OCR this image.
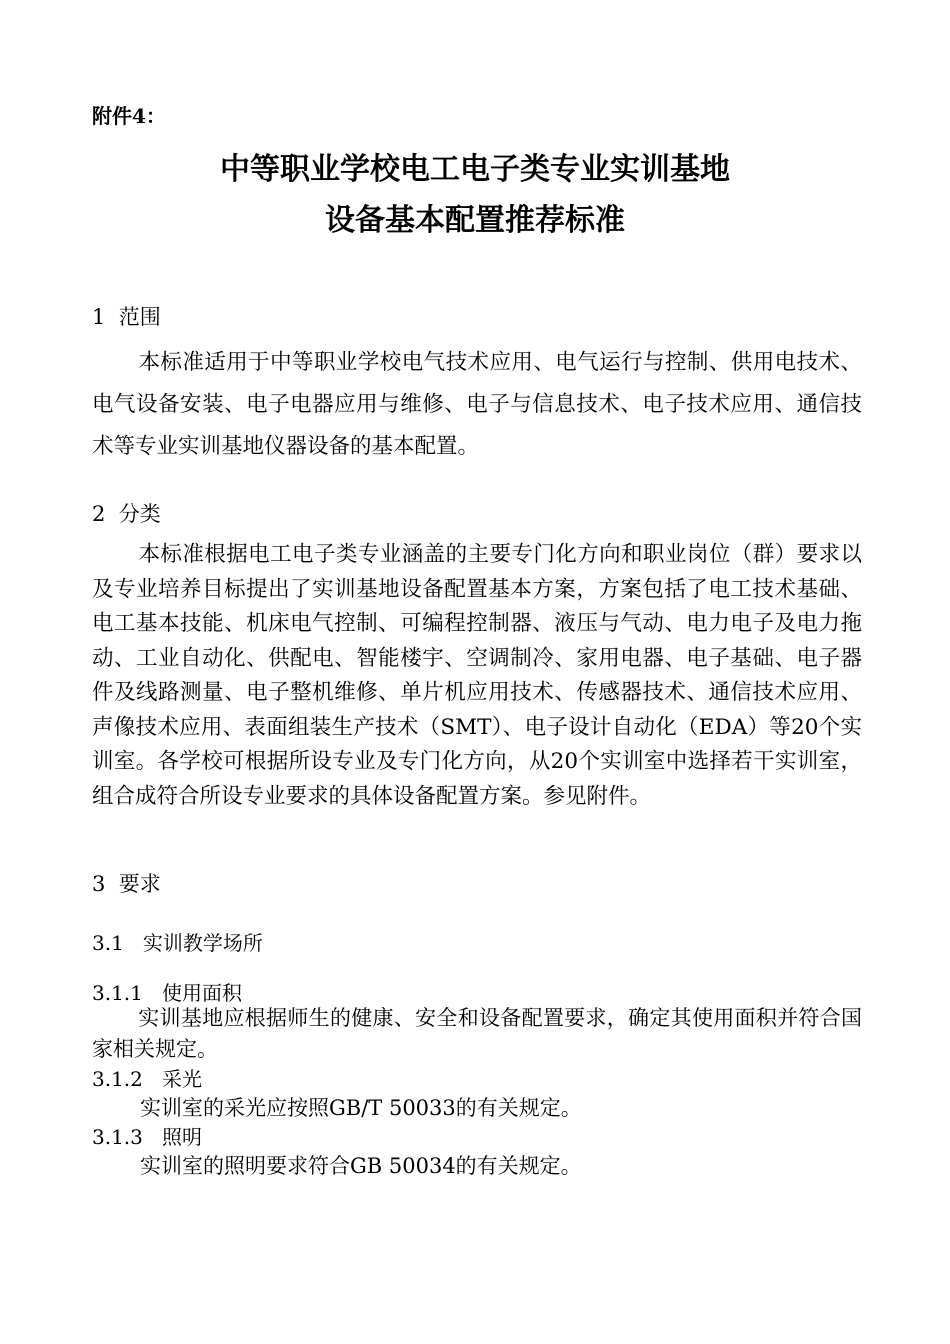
附件4：
中等职业学校电工电子类专业实训基地
设备基本配置推荐标准
1  范围

本标准适用于中等职业学校电气技术应用、电气运行与控制、供用电技术、电气设备安装、电子电器应用与维修、电子与信息技术、电子技术应用、通信技术等专业实训基地仪器设备的基本配置。

2  分类

本标准根据电工电子类专业涵盖的主要专门化方向和职业岗位（群）要求以及专业培养目标提出了实训基地设备配置基本方案，方案包括了电工技术基础、电工基本技能、机床电气控制、可编程控制器、液压与气动、电力电子及电力拖动、工业自动化、供配电、智能楼宇、空调制冷、家用电器、电子基础、电子器件及线路测量、电子整机维修、单片机应用技术、传感器技术、通信技术应用、声像技术应用、表面组装生产技术（SMT）、电子设计自动化（EDA）等20个实训室。各学校可根据所设专业及专门化方向，从20个实训室中选择若干实训室，组合成符合所设专业要求的具体设备配置方案。参见附件。

3  要求
3.1   实训教学场所
3.1.1   使用面积

实训基地应根据师生的健康、安全和设备配置要求，确定其使用面积并符合国家相关规定。

3.1.2   采光
实训室的采光应按照GB/T 50033的有关规定。
3.1.3   照明
实训室的照明要求符合GB 50034的有关规定。
